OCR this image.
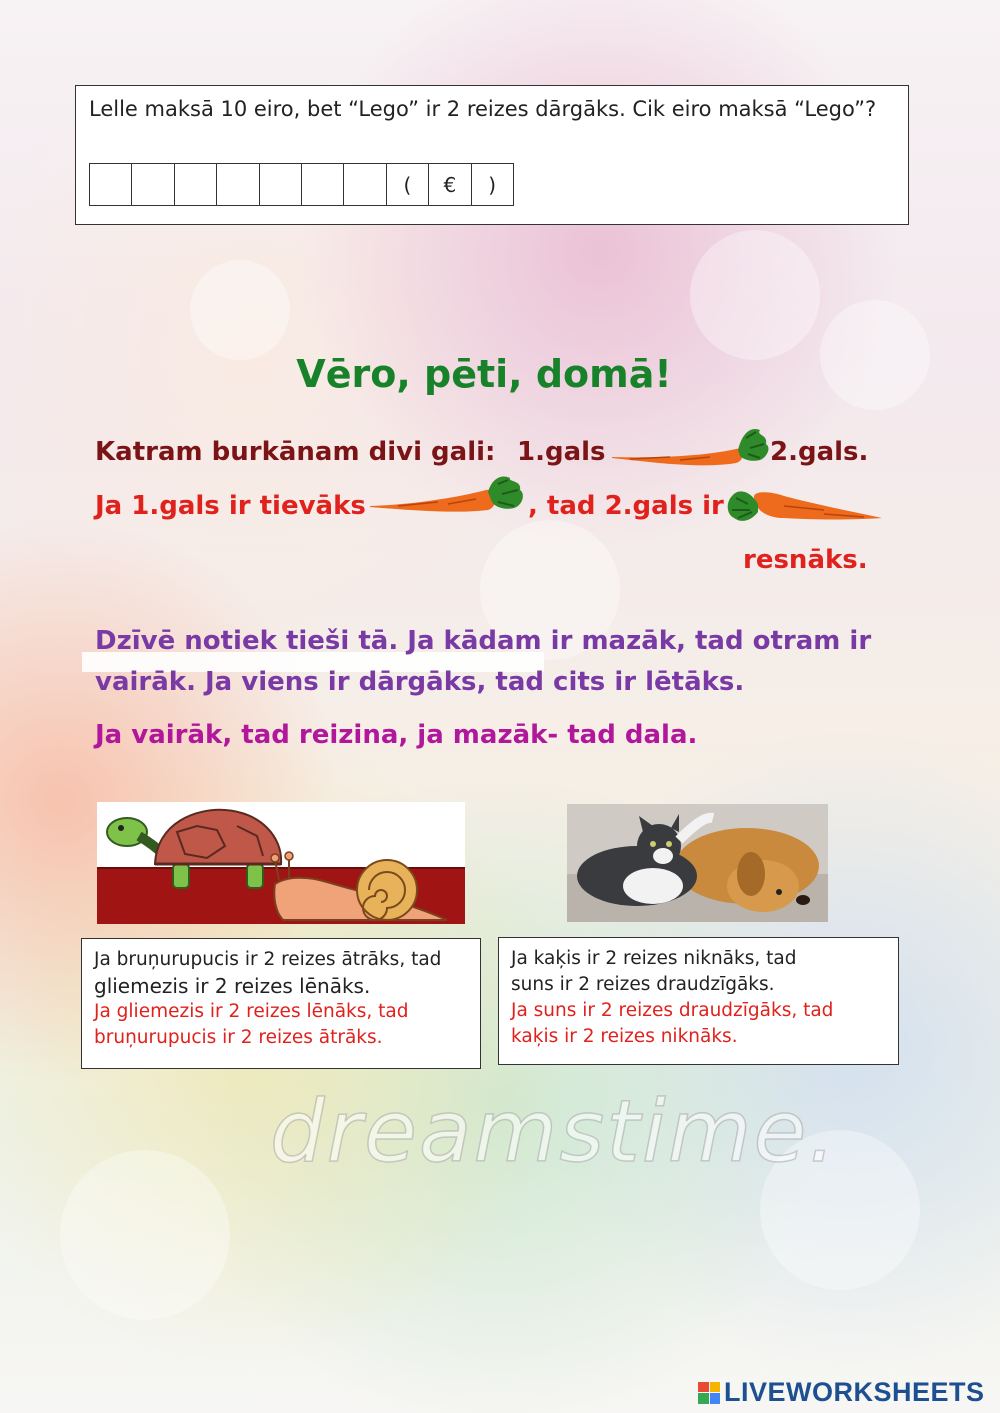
Lelle maksā 10 eiro, bet “Lego” ir 2 reizes dārgāks. Cik eiro maksā “Lego”?
(	€	)
Vēro, pēti, domā!
Katram burkānam divi gali: 1.gals	2.gals.
Ja 1.gals ir tievāks	, tad 2.gals ir
resnāks.
Dzīvē notiek tieši tā. Ja kādam ir mazāk, tad otram ir
vairāk. Ja viens ir dārgāks, tad cits ir lētāks.
Ja vairāk, tad reizina, ja mazāk- tad dala.
Ja bruņurupucis ir 2 reizes ātrāks, tad
gliemezis ir 2 reizes lēnāks.
Ja gliemezis ir 2 reizes lēnāks, tad
bruņurupucis ir 2 reizes ātrāks.
Ja kaķis ir 2 reizes niknāks, tad
suns ir 2 reizes draudzīgāks.
Ja suns ir 2 reizes draudzīgāks, tad
kaķis ir 2 reizes niknāks.
dreamstime.
LIVEWORKSHEETS
